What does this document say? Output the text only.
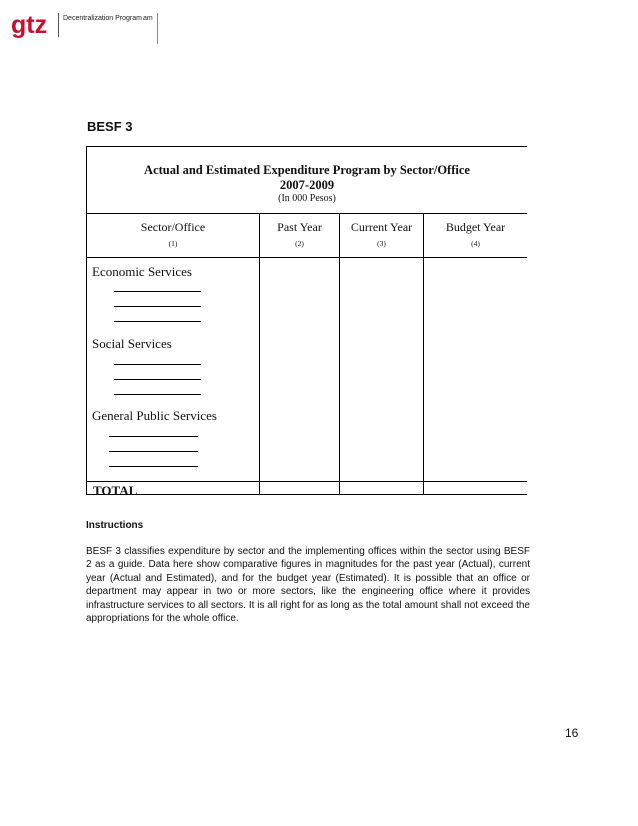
gtz Decentralization Program am
BESF 3
Actual and Estimated Expenditure Program by Sector/Office
2007-2009
(In 000 Pesos)
Sector/Office	Past Year	Current Year	Budget Year
(1)	(2)	(3)	(4)
Economic Services
Social Services
General Public Services
TOTAL
Instructions
BESF 3 classifies expenditure by sector and the implementing offices within the sector using BESF 2 as a guide. Data here show comparative figures in magnitudes for the past year (Actual), current year (Actual and Estimated), and for the budget year (Estimated). It is possible that an office or department may appear in two or more sectors, like the engineering office where it provides infrastructure services to all sectors. It is all right for as long as the total amount shall not exceed the appropriations for the whole office.
16
